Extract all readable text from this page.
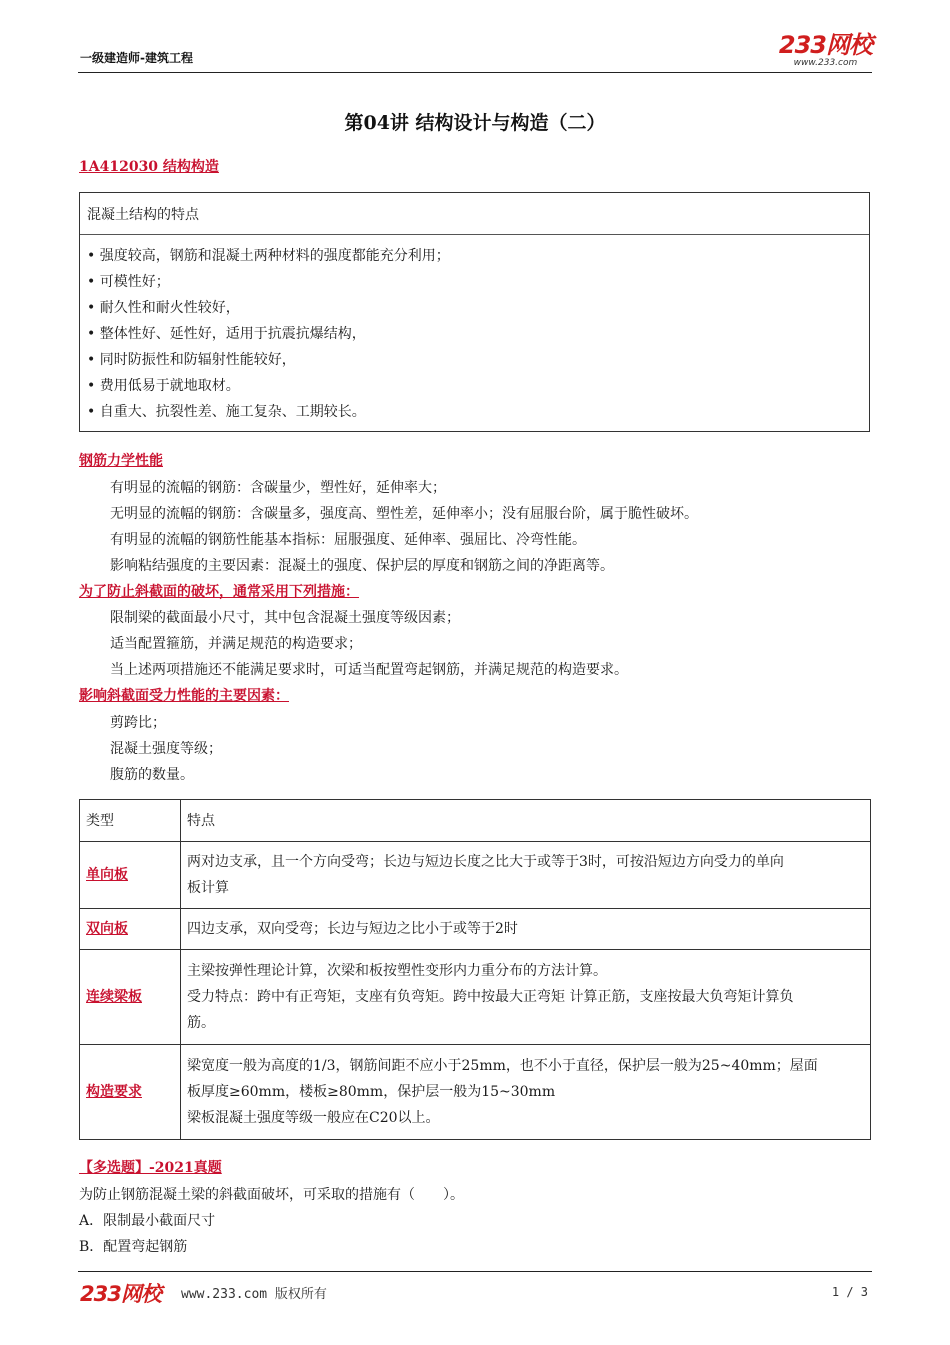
一级建造师-建筑工程	233网校
www.233.com
第04讲 结构设计与构造（二）
1A412030 结构构造
混凝土结构的特点
• 强度较高，钢筋和混凝土两种材料的强度都能充分利用；
• 可模性好；
• 耐久性和耐火性较好，
• 整体性好、延性好，适用于抗震抗爆结构，
• 同时防振性和防辐射性能较好，
• 费用低易于就地取材。
• 自重大、抗裂性差、施工复杂、工期较长。
钢筋力学性能
有明显的流幅的钢筋：含碳量少，塑性好，延伸率大；
无明显的流幅的钢筋：含碳量多，强度高、塑性差，延伸率小；没有屈服台阶，属于脆性破坏。
有明显的流幅的钢筋性能基本指标：屈服强度、延伸率、强屈比、冷弯性能。
影响粘结强度的主要因素：混凝土的强度、保护层的厚度和钢筋之间的净距离等。
为了防止斜截面的破坏，通常采用下列措施：
限制梁的截面最小尺寸，其中包含混凝土强度等级因素；
适当配置箍筋，并满足规范的构造要求；
当上述两项措施还不能满足要求时，可适当配置弯起钢筋，并满足规范的构造要求。
影响斜截面受力性能的主要因素：
剪跨比；
混凝土强度等级；
腹筋的数量。
类型	特点
单向板	两对边支承，且一个方向受弯；长边与短边长度之比大于或等于3时，可按沿短边方向受力的单向
板计算

双向板	四边支承，双向受弯；长边与短边之比小于或等于2时

连续梁板	主梁按弹性理论计算，次梁和板按塑性变形内力重分布的方法计算。
受力特点：跨中有正弯矩，支座有负弯矩。跨中按最大正弯矩 计算正筋，支座按最大负弯矩计算负
筋。

构造要求	梁宽度一般为高度的1/3，钢筋间距不应小于25mm，也不小于直径，保护层一般为25~40mm；屋面
板厚度≥60mm，楼板≥80mm，保护层一般为15~30mm
梁板混凝土强度等级一般应在C20以上。
【多选题】-2021真题
为防止钢筋混凝土梁的斜截面破坏，可采取的措施有（　　）。
A．限制最小截面尺寸
B．配置弯起钢筋
233网校 www.233.com 版权所有	1 / 3
